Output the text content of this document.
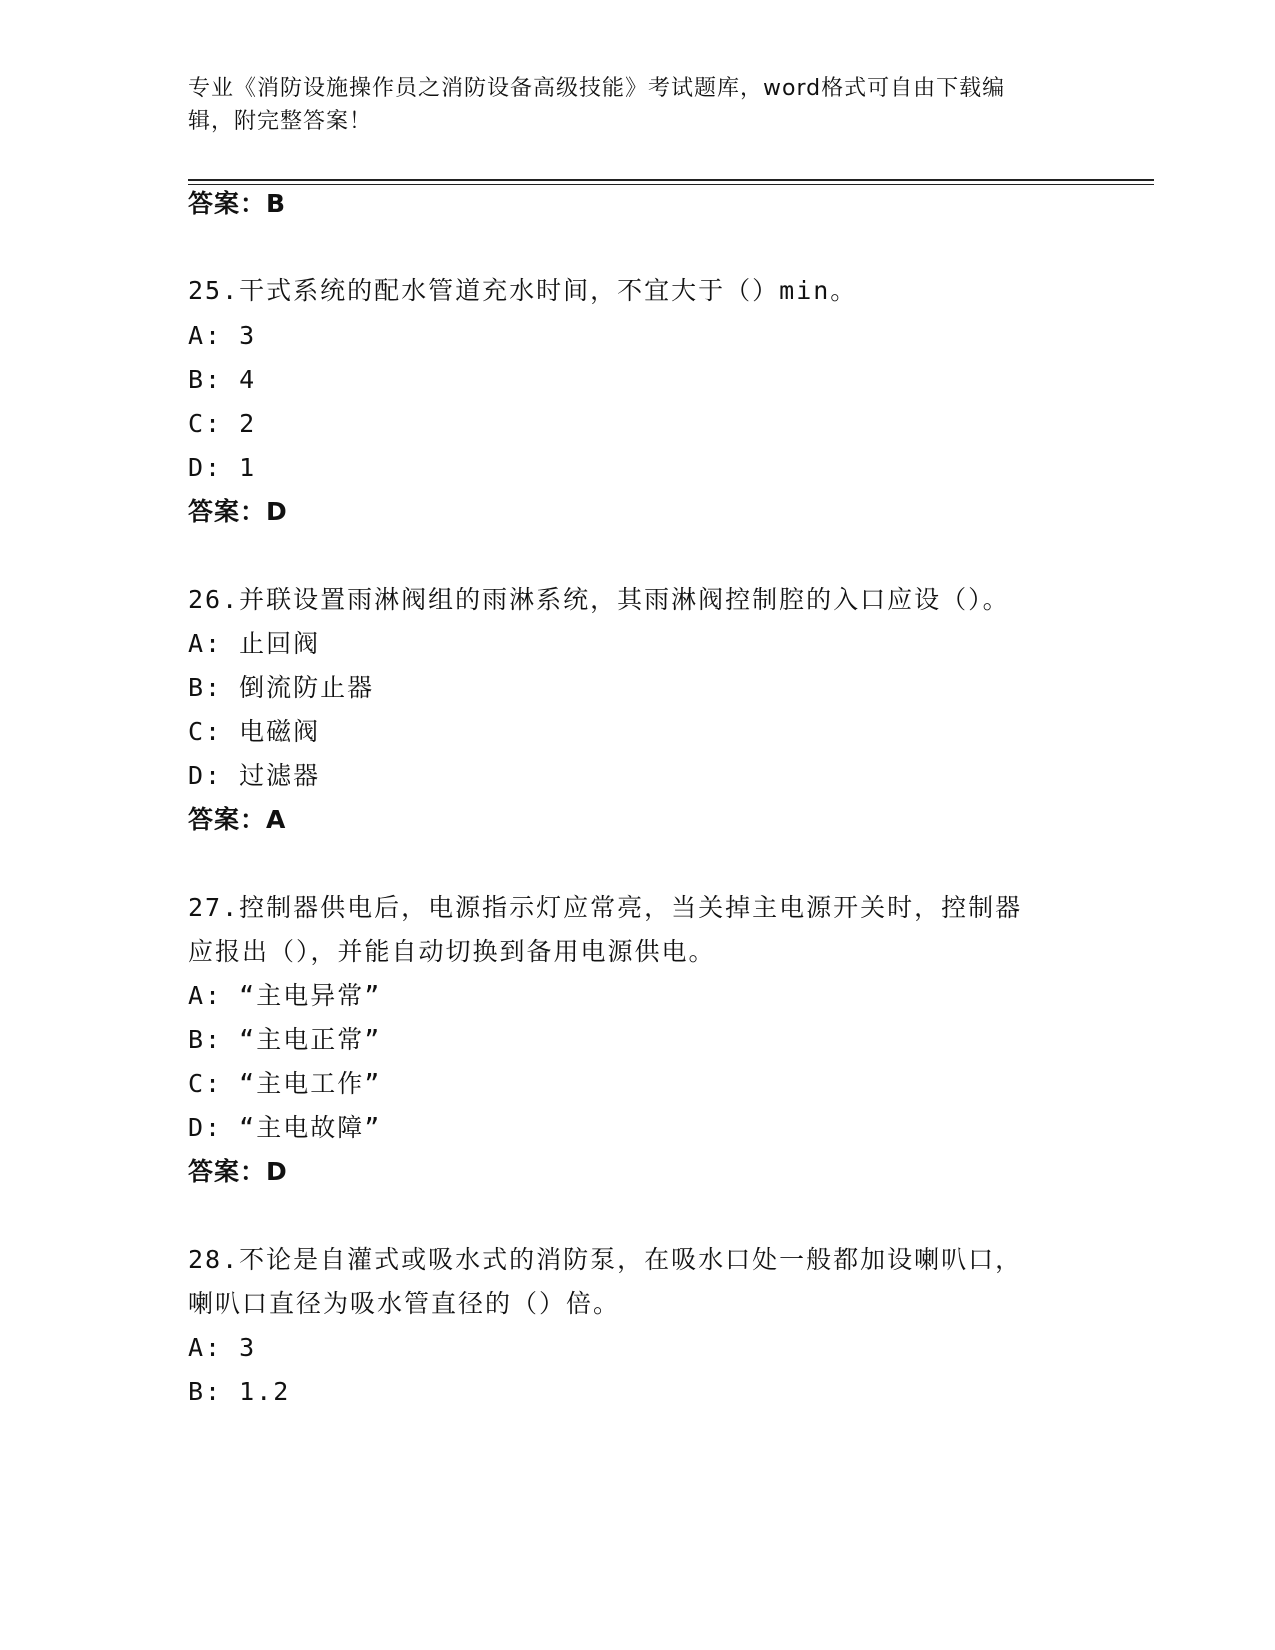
专业《消防设施操作员之消防设备高级技能》考试题库，word格式可自由下载编
辑，附完整答案！
答案：B
25.干式系统的配水管道充水时间，不宜大于（）min。
A: 3
B: 4
C: 2
D: 1
答案：D
26.并联设置雨淋阀组的雨淋系统，其雨淋阀控制腔的入口应设（）。
A: 止回阀
B: 倒流防止器
C: 电磁阀
D: 过滤器
答案：A
27.控制器供电后，电源指示灯应常亮，当关掉主电源开关时，控制器
应报出（），并能自动切换到备用电源供电。
A: “主电异常”
B: “主电正常”
C: “主电工作”
D: “主电故障”
答案：D
28.不论是自灌式或吸水式的消防泵，在吸水口处一般都加设喇叭口，
喇叭口直径为吸水管直径的（）倍。
A: 3
B: 1.2
